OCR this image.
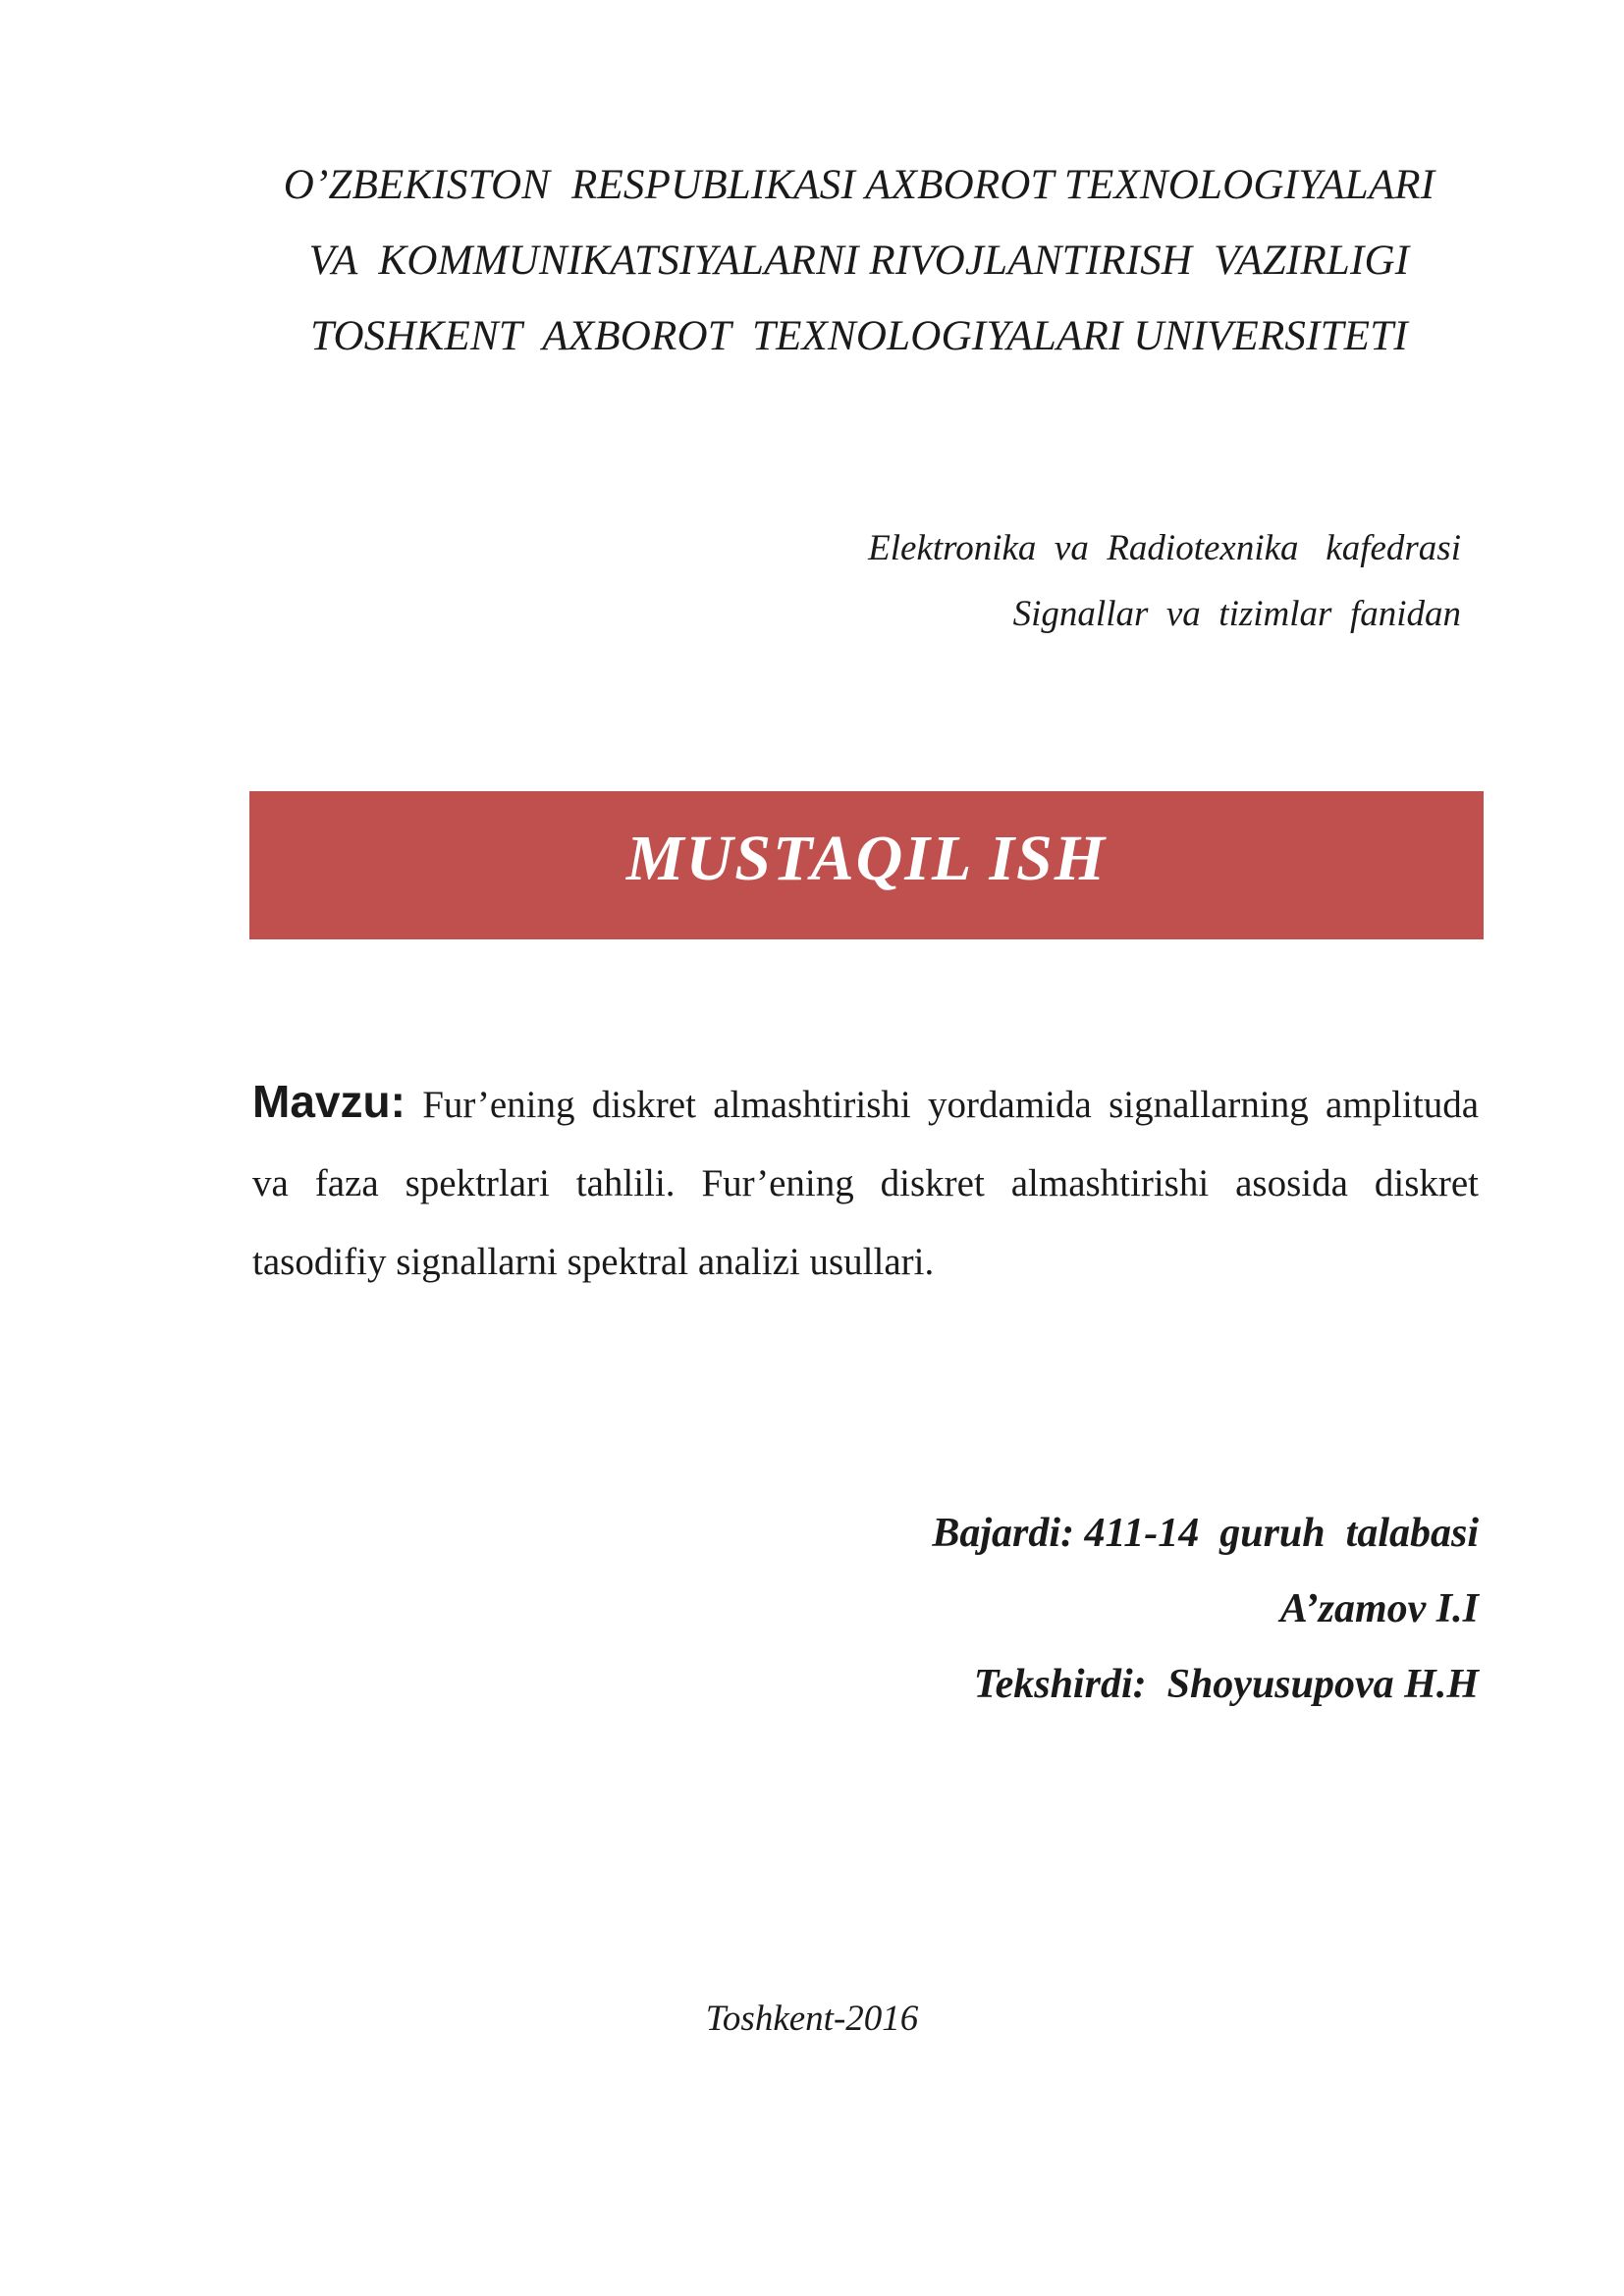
O’ZBEKISTON  RESPUBLIKASI AXBOROT TEXNOLOGIYALARI
VA  KOMMUNIKATSIYALARNI RIVOJLANTIRISH  VAZIRLIGI
TOSHKENT  AXBOROT  TEXNOLOGIYALARI UNIVERSITETI
Elektronika  va  Radiotexnika   kafedrasi
Signallar  va  tizimlar  fanidan
MUSTAQIL ISH
Mavzu: Fur’ening diskret almashtirishi yordamida signallarning amplituda va faza spektrlari tahlili. Fur’ening diskret almashtirishi asosida diskret tasodifiy signallarni spektral analizi usullari.
Bajardi: 411-14  guruh  talabasi
A’zamov I.I
Tekshirdi:  Shoyusupova H.H
Toshkent-2016
